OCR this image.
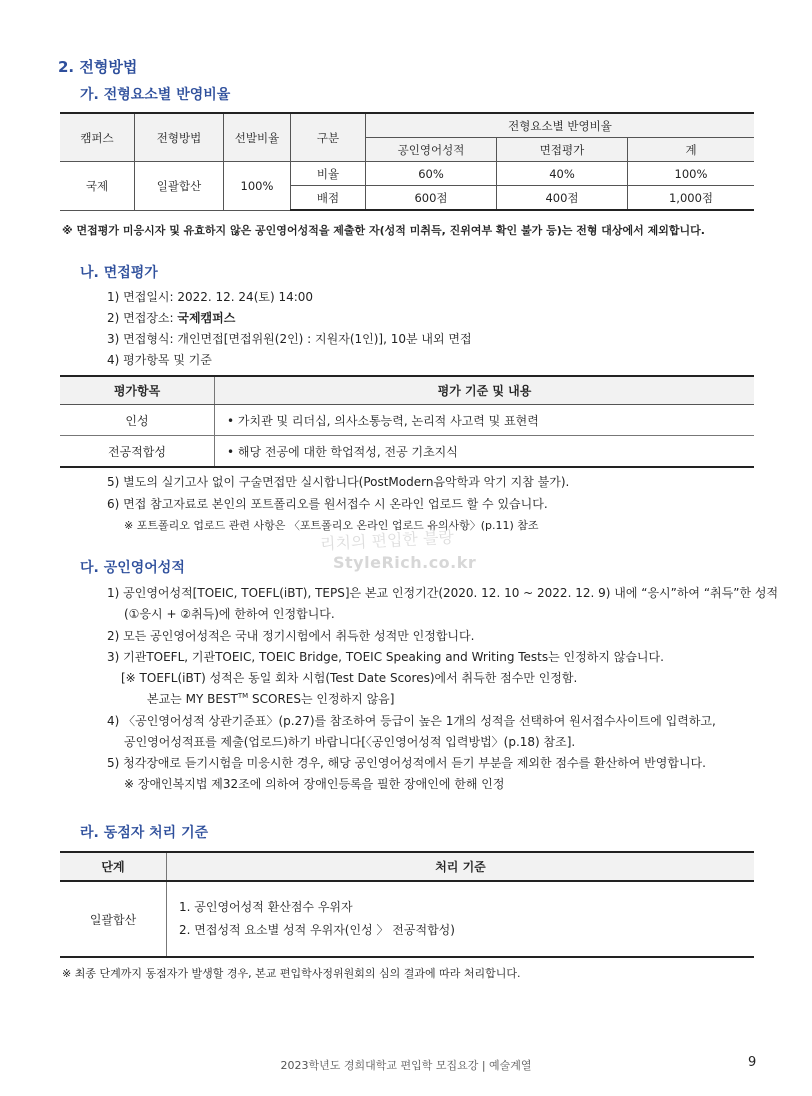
2. 전형방법
가. 전형요소별 반영비율
캠퍼스	전형방법	선발비율	구분	전형요소별 반영비율		
				공인영어성적	면접평가	계
국제	일괄합산	100%	비율	60%	40%	100%
			배점	600점	400점	1,000점
※ 면접평가 미응시자 및 유효하지 않은 공인영어성적을 제출한 자(성적 미취득, 진위여부 확인 불가 등)는 전형 대상에서 제외합니다.
나. 면접평가
1) 면접일시: 2022. 12. 24(토) 14:00
2) 면접장소: 국제캠퍼스
3) 면접형식: 개인면접[면접위원(2인) : 지원자(1인)], 10분 내외 면접
4) 평가항목 및 기준
평가항목	평가 기준 및 내용
인성	• 가치관 및 리더십, 의사소통능력, 논리적 사고력 및 표현력
전공적합성	• 해당 전공에 대한 학업적성, 전공 기초지식
5) 별도의 실기고사 없이 구술면접만 실시합니다(PostModern음악학과 악기 지참 불가).
6) 면접 참고자료로 본인의 포트폴리오를 원서접수 시 온라인 업로드 할 수 있습니다.
※ 포트폴리오 업로드 관련 사항은 〈포트폴리오 온라인 업로드 유의사항〉(p.11) 참조
리치의 편입한 블랑
StyleRich.co.kr
다. 공인영어성적
1) 공인영어성적[TOEIC, TOEFL(iBT), TEPS]은 본교 인정기간(2020. 12. 10 ~ 2022. 12. 9) 내에 “응시”하여 “취득”한 성적
(①응시 + ②취득)에 한하여 인정합니다.
2) 모든 공인영어성적은 국내 정기시험에서 취득한 성적만 인정합니다.
3) 기관TOEFL, 기관TOEIC, TOEIC Bridge, TOEIC Speaking and Writing Tests는 인정하지 않습니다.
[※ TOEFL(iBT) 성적은 동일 회차 시험(Test Date Scores)에서 취득한 점수만 인정함.
본교는 MY BEST™ SCORES는 인정하지 않음]
4) 〈공인영어성적 상관기준표〉(p.27)를 참조하여 등급이 높은 1개의 성적을 선택하여 원서접수사이트에 입력하고,
공인영어성적표를 제출(업로드)하기 바랍니다[〈공인영어성적 입력방법〉(p.18) 참조].
5) 청각장애로 듣기시험을 미응시한 경우, 해당 공인영어성적에서 듣기 부분을 제외한 점수를 환산하여 반영합니다.
※ 장애인복지법 제32조에 의하여 장애인등록을 필한 장애인에 한해 인정
라. 동점자 처리 기준
단계	처리 기준
일괄합산	1. 공인영어성적 환산점수 우위자
2. 면접성적 요소별 성적 우위자(인성 〉 전공적합성)
※ 최종 단계까지 동점자가 발생할 경우, 본교 편입학사정위원회의 심의 결과에 따라 처리합니다.
2023학년도 경희대학교 편입학 모집요강 | 예술계열	9
